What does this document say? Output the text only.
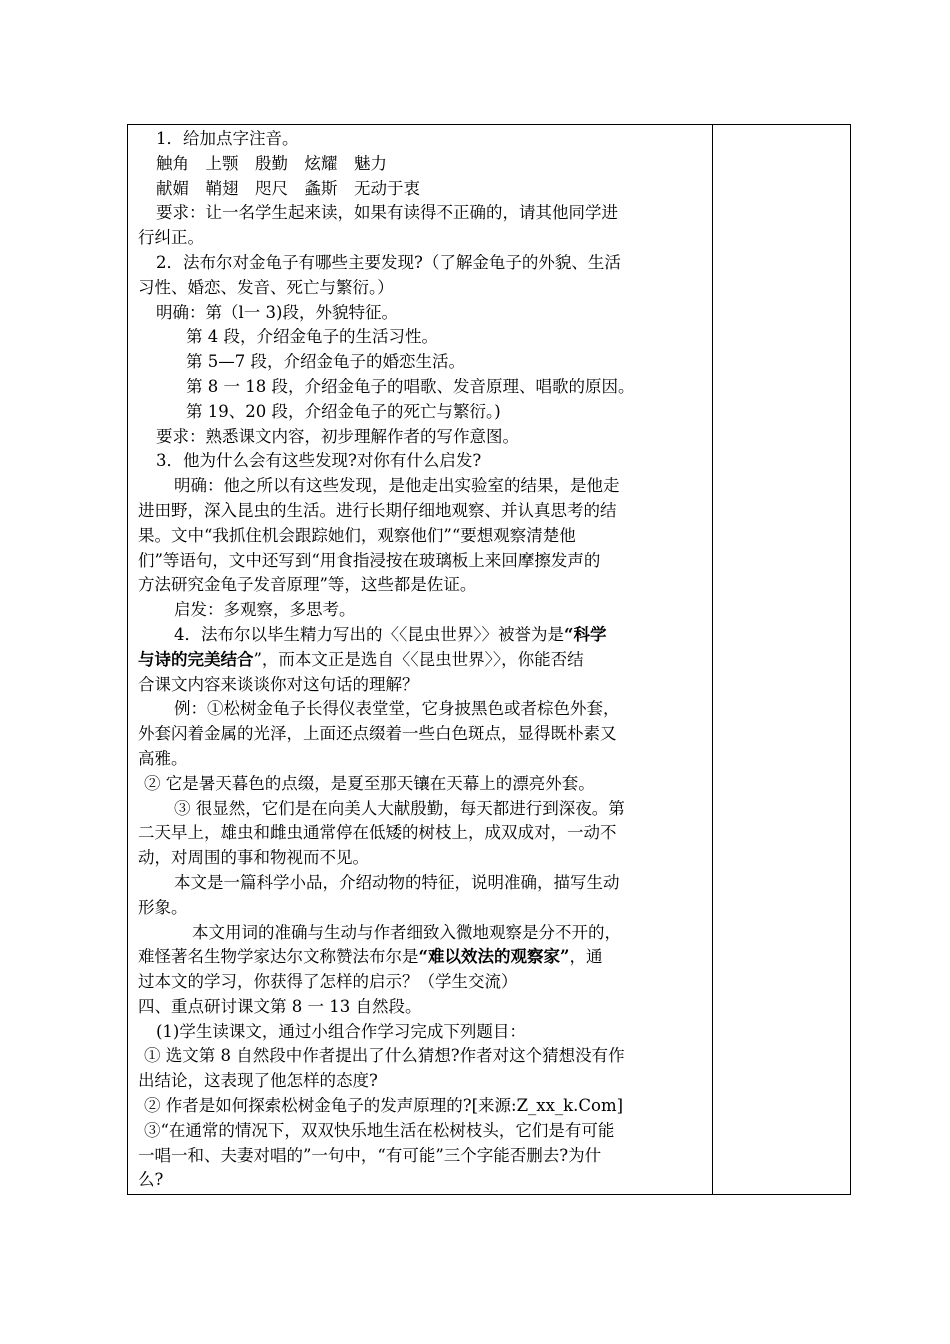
1．给加点字注音。
触角　上颚　殷勤　炫耀　魅力
献媚　鞘翅　咫尺　螽斯　无动于衷
要求：让一名学生起来读，如果有读得不正确的，请其他同学进
行纠正。
2．法布尔对金龟子有哪些主要发现?（了解金龟子的外貌、生活
习性、婚恋、发音、死亡与繁衍。）
明确：第（l一 3)段，外貌特征。
第 4 段，介绍金龟子的生活习性。
第 5—7 段，介绍金龟子的婚恋生活。
第 8 一 18 段，介绍金龟子的唱歌、发音原理、唱歌的原因。
第 19、20 段，介绍金龟子的死亡与繁衍。)
要求：熟悉课文内容，初步理解作者的写作意图。
3．他为什么会有这些发现?对你有什么启发?
明确：他之所以有这些发现，是他走出实验室的结果，是他走
进田野，深入昆虫的生活。进行长期仔细地观察、并认真思考的结
果。文中“我抓住机会跟踪她们，观察他们”“要想观察清楚他
们”等语句，文中还写到“用食指浸按在玻璃板上来回摩擦发声的
方法研究金龟子发音原理”等，这些都是佐证。
启发：多观察，多思考。
4．法布尔以毕生精力写出的〈〈昆虫世界〉〉被誉为是“科学
与诗的完美结合”，而本文正是选自〈〈昆虫世界〉〉，你能否结
合课文内容来谈谈你对这句话的理解？
例：①松树金龟子长得仪表堂堂，它身披黑色或者棕色外套，
外套闪着金属的光泽，上面还点缀着一些白色斑点，显得既朴素又
高雅。
② 它是暑天暮色的点缀，是夏至那天镶在天幕上的漂亮外套。
③ 很显然，它们是在向美人大献殷勤，每天都进行到深夜。第
二天早上，雄虫和雌虫通常停在低矮的树枝上，成双成对，一动不
动，对周围的事和物视而不见。
本文是一篇科学小品，介绍动物的特征，说明准确，描写生动
形象。
本文用词的准确与生动与作者细致入微地观察是分不开的，
难怪著名生物学家达尔文称赞法布尔是“难以效法的观察家”，通
过本文的学习，你获得了怎样的启示？（学生交流）
四、重点研讨课文第 8 一 13 自然段。
(1)学生读课文，通过小组合作学习完成下列题目：
① 选文第 8 自然段中作者提出了什么猜想?作者对这个猜想没有作
出结论，这表现了他怎样的态度?
② 作者是如何探索松树金龟子的发声原理的?[来源:Z_xx_k.Com]
③“在通常的情况下，双双快乐地生活在松树枝头，它们是有可能
一唱一和、夫妻对唱的”一句中，“有可能”三个字能否删去?为什
么?
